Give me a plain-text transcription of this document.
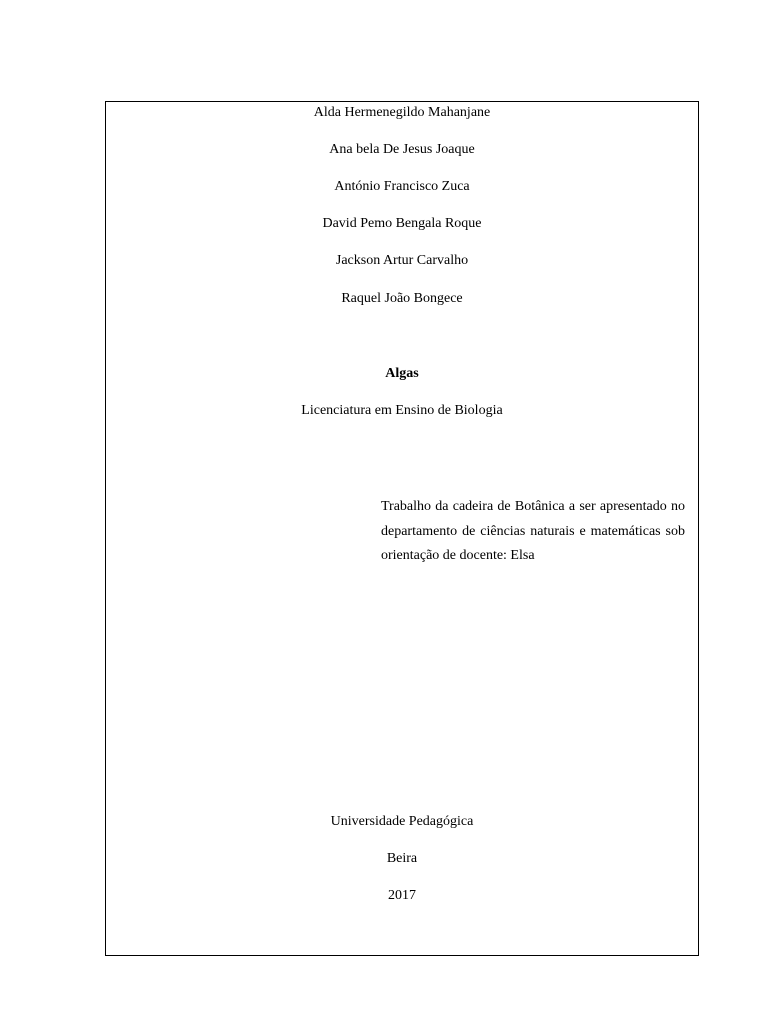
Alda Hermenegildo Mahanjane
Ana bela De Jesus Joaque
António Francisco Zuca
David Pemo Bengala Roque
Jackson Artur Carvalho
Raquel João Bongece
Algas
Licenciatura em Ensino de Biologia
Trabalho da cadeira de Botânica a ser apresentado no departamento de ciências naturais e matemáticas sob orientação de docente: Elsa
Universidade Pedagógica
Beira
2017
